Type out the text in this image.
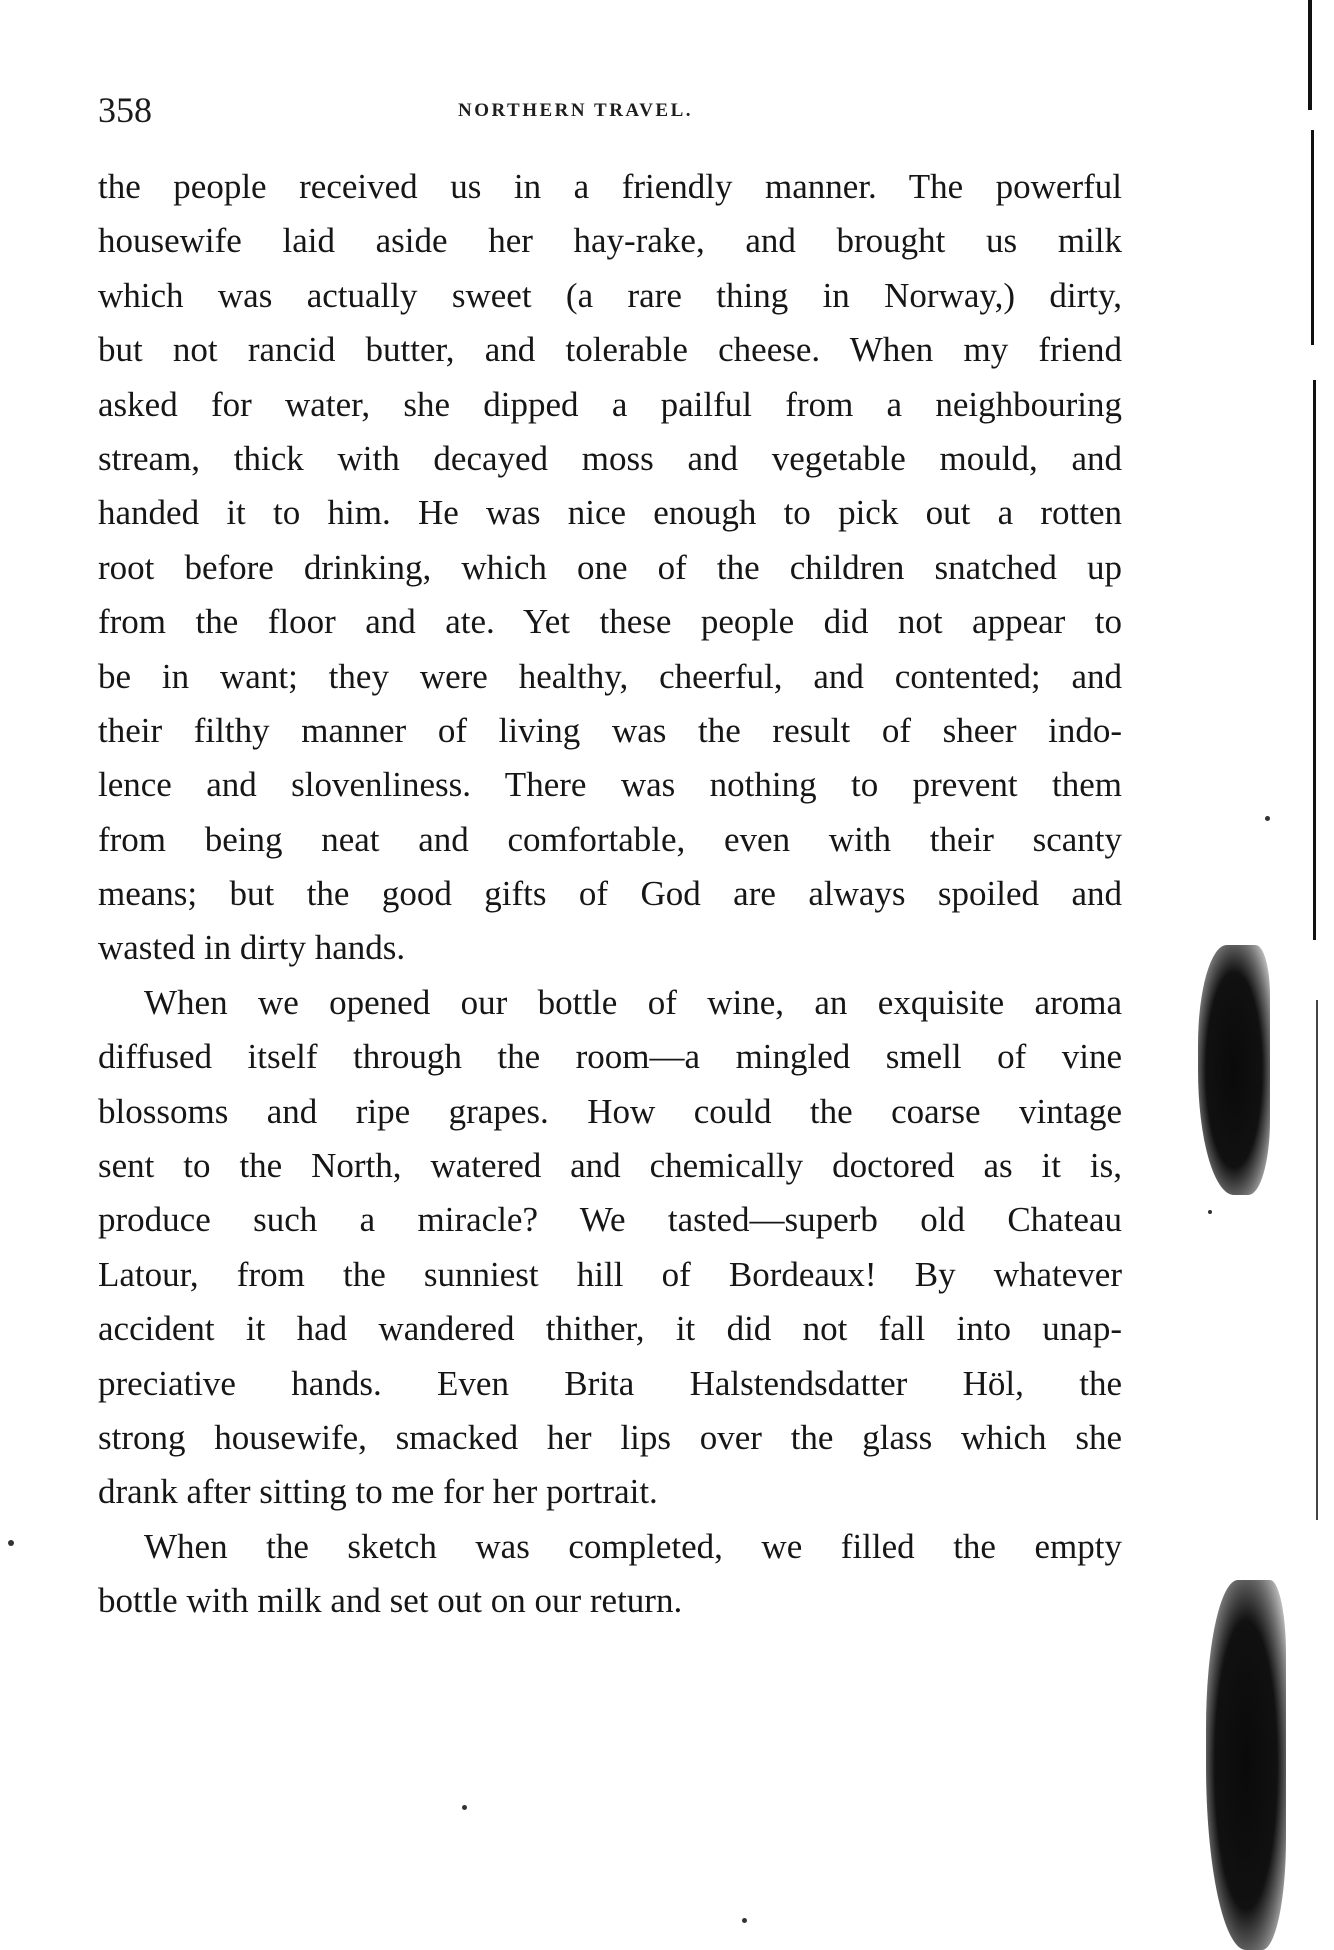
358	NORTHERN TRAVEL.
the people received us in a friendly manner. The powerful
housewife laid aside her hay-rake, and brought us milk
which was actually sweet (a rare thing in Norway,) dirty,
but not rancid butter, and tolerable cheese. When my friend
asked for water, she dipped a pailful from a neighbouring
stream, thick with decayed moss and vegetable mould, and
handed it to him. He was nice enough to pick out a rotten
root before drinking, which one of the children snatched up
from the floor and ate. Yet these people did not appear to
be in want; they were healthy, cheerful, and contented; and
their filthy manner of living was the result of sheer indo-
lence and slovenliness. There was nothing to prevent them
from being neat and comfortable, even with their scanty
means; but the good gifts of God are always spoiled and
wasted in dirty hands.
When we opened our bottle of wine, an exquisite aroma
diffused itself through the room—a mingled smell of vine
blossoms and ripe grapes. How could the coarse vintage
sent to the North, watered and chemically doctored as it is,
produce such a miracle? We tasted—superb old Chateau
Latour, from the sunniest hill of Bordeaux! By whatever
accident it had wandered thither, it did not fall into unap-
preciative hands. Even Brita Halstendsdatter Höl, the
strong housewife, smacked her lips over the glass which she
drank after sitting to me for her portrait.
When the sketch was completed, we filled the empty
bottle with milk and set out on our return.
